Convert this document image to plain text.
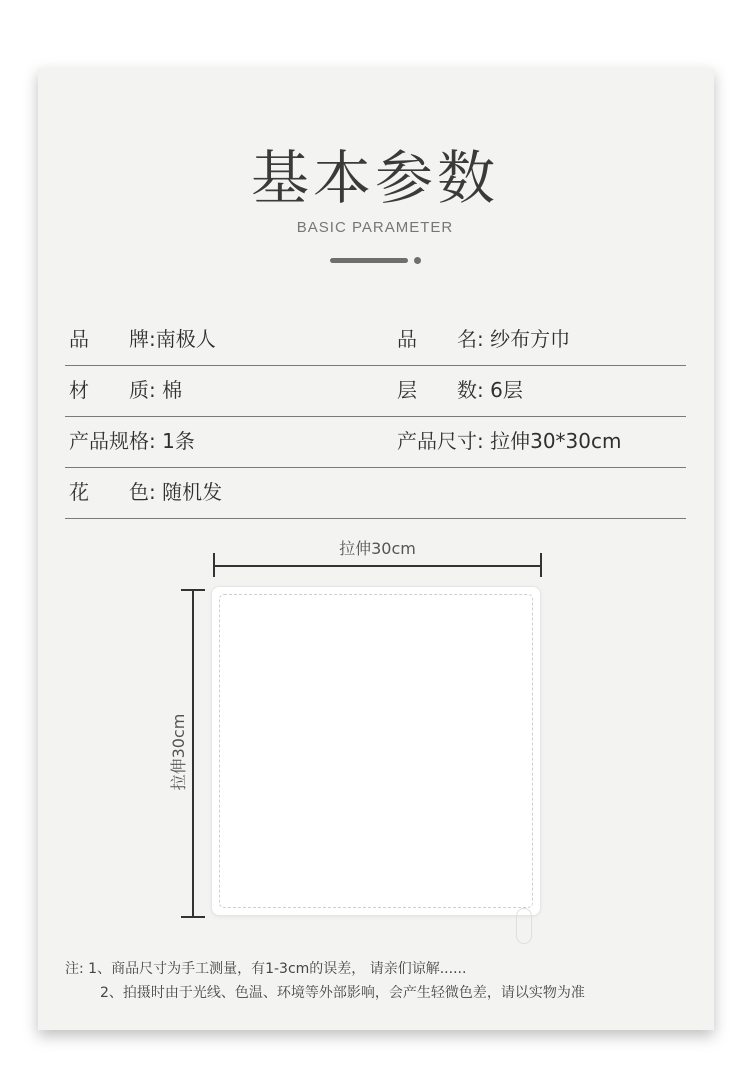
基本参数
BASIC PARAMETER
品　　牌:南极人	品　　名: 纱布方巾
材　　质: 棉	层　　数: 6层
产品规格: 1条	产品尺寸: 拉伸30*30cm
花　　色: 随机发
拉伸30cm
拉伸30cm
注: 1、商品尺寸为手工测量，有1-3cm的误差， 请亲们谅解......
2、拍摄时由于光线、色温、环境等外部影响，会产生轻微色差，请以实物为准
